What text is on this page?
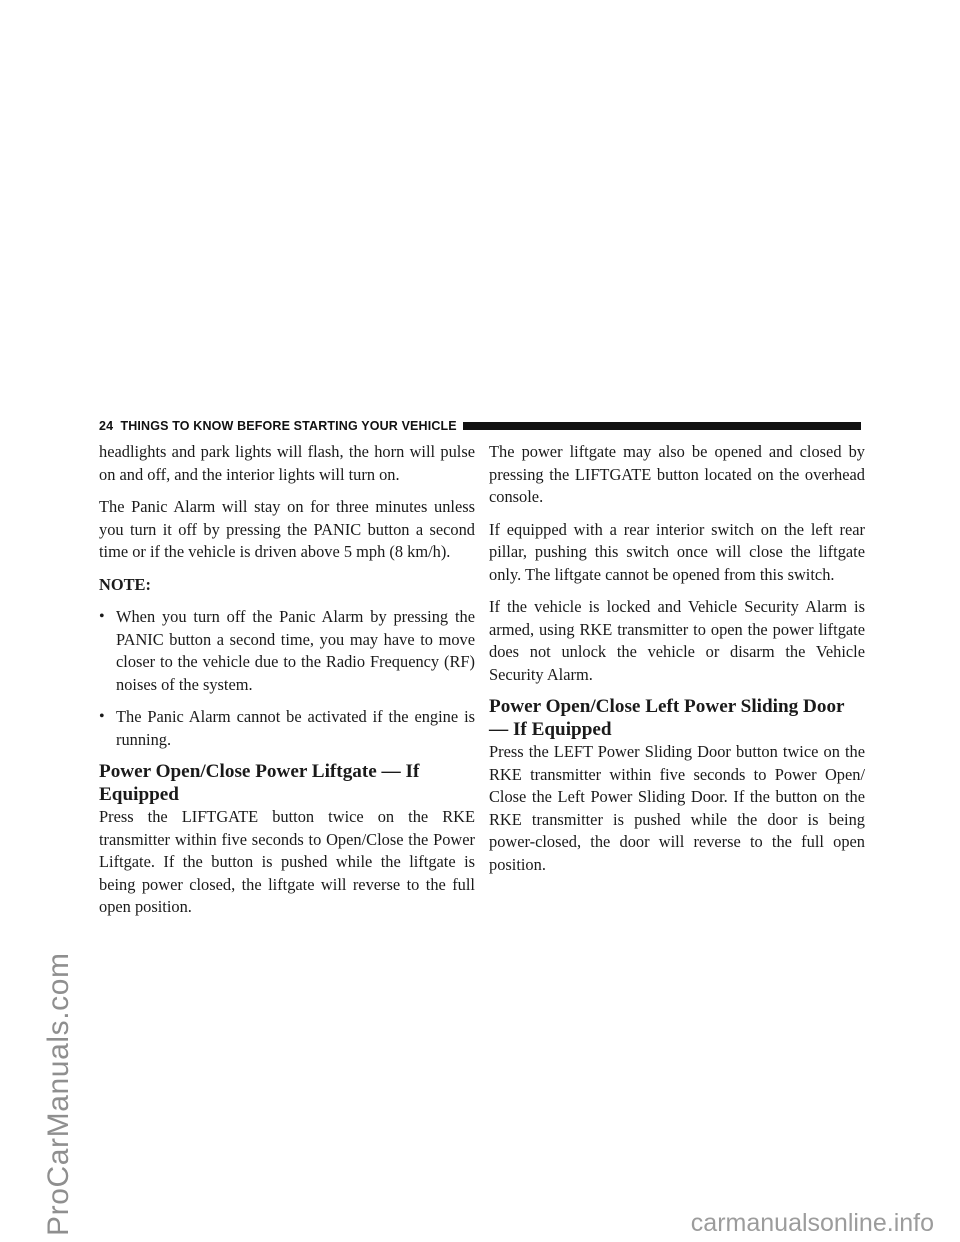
ProCarManuals.com
24 THINGS TO KNOW BEFORE STARTING YOUR VEHICLE

headlights and park lights will flash, the horn will pulse on and off, and the interior lights will turn on.

The Panic Alarm will stay on for three minutes unless you turn it off by pressing the PANIC button a second time or if the vehicle is driven above 5 mph (8 km/h).

NOTE:

• When you turn off the Panic Alarm by pressing the PANIC button a second time, you may have to move closer to the vehicle due to the Radio Frequency (RF) noises of the system.
• The Panic Alarm cannot be activated if the engine is running.
Power Open/Close Power Liftgate — If Equipped

Press the LIFTGATE button twice on the RKE transmitter within five seconds to Open/Close the Power Liftgate. If the button is pushed while the liftgate is being power closed, the liftgate will reverse to the full open position.

The power liftgate may also be opened and closed by pressing the LIFTGATE button located on the overhead console.

If equipped with a rear interior switch on the left rear pillar, pushing this switch once will close the liftgate only. The liftgate cannot be opened from this switch.

If the vehicle is locked and Vehicle Security Alarm is armed, using RKE transmitter to open the power liftgate does not unlock the vehicle or disarm the Vehicle Security Alarm.

Power Open/Close Left Power Sliding Door — If Equipped

Press the LEFT Power Sliding Door button twice on the RKE transmitter within five seconds to Power Open/ Close the Left Power Sliding Door. If the button on the RKE transmitter is pushed while the door is being power-closed, the door will reverse to the full open position.

carmanualsonline.info
